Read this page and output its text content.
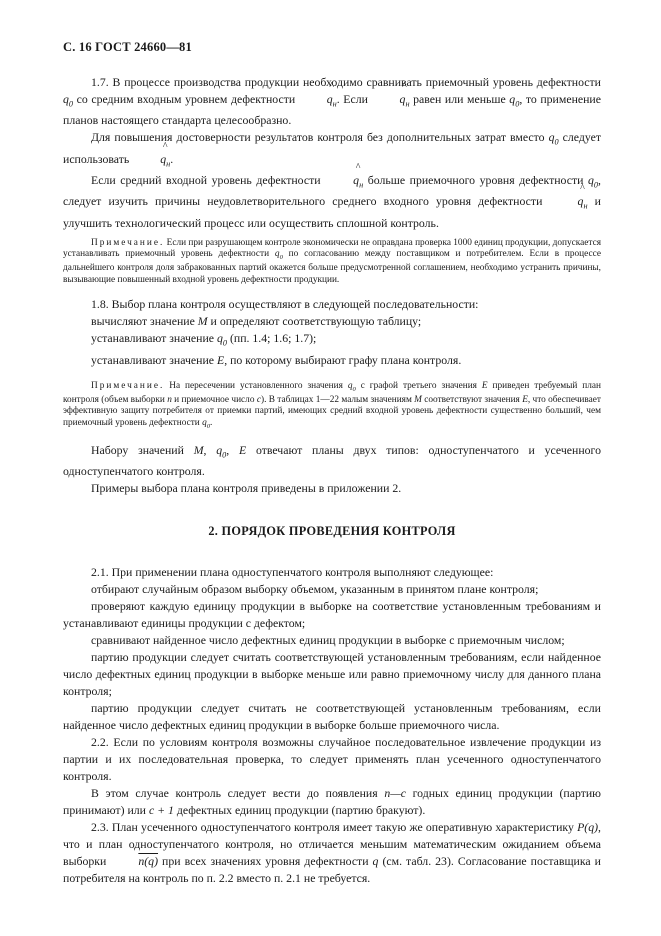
С. 16 ГОСТ 24660—81

1.7. В процессе производства продукции необходимо сравнивать приемочный уровень дефектности $q_0$ со средним входным уровнем дефектности ^ $q_н$. Если ^ $q_н$ равен или меньше $q_0$, то применение планов настоящего стандарта целесообразно.

Для повышения достоверности результатов контроля без дополнительных затрат вместо $q_0$ следует использовать ^ $q_н$.

Если средний входной уровень дефектности ^ $q_н$ больше приемочного уровня дефектности $q_0$, следует изучить причины неудовлетворительного среднего входного уровня дефектности ^ $q_н$ и улучшить технологический процесс или осуществить сплошной контроль.

Примечание. Если при разрушающем контроле экономически не оправдана проверка 1000 единиц продукции, допускается устанавливать приемочный уровень дефектности $q_0$ по согласованию между поставщиком и потребителем. Если в процессе дальнейшего контроля доля забракованных партий окажется больше предусмотренной соглашением, необходимо устранить причины, вызывающие повышенный входной уровень дефектности продукции.

1.8. Выбор плана контроля осуществляют в следующей последовательности:

вычисляют значение M и определяют соответствующую таблицу;

устанавливают значение $q_0$ (пп. 1.4; 1.6; 1.7);

устанавливают значение E, по которому выбирают графу плана контроля.

Примечание. На пересечении установленного значения $q_0$ с графой третьего значения E приведен требуемый план контроля (объем выборки n и приемочное число c). В таблицах 1—22 малым значениям M соответствуют значения E, что обеспечивает эффективную защиту потребителя от приемки партий, имеющих средний входной уровень дефектности существенно больший, чем приемочный уровень дефектности $q_0$.

Набору значений M, $q_0$, E отвечают планы двух типов: одноступенчатого и усеченного одноступенчатого контроля.

Примеры выбора плана контроля приведены в приложении 2.

2. ПОРЯДОК ПРОВЕДЕНИЯ КОНТРОЛЯ

2.1. При применении плана одноступенчатого контроля выполняют следующее:

отбирают случайным образом выборку объемом, указанным в принятом плане контроля;

проверяют каждую единицу продукции в выборке на соответствие установленным требованиям и устанавливают единицы продукции с дефектом;

сравнивают найденное число дефектных единиц продукции в выборке с приемочным числом;

партию продукции следует считать соответствующей установленным требованиям, если найденное число дефектных единиц продукции в выборке меньше или равно приемочному числу для данного плана контроля;

партию продукции следует считать не соответствующей установленным требованиям, если найденное число дефектных единиц продукции в выборке больше приемочного числа.

2.2. Если по условиям контроля возможны случайное последовательное извлечение продукции из партии и их последовательная проверка, то следует применять план усеченного одноступенчатого контроля.

В этом случае контроль следует вести до появления n—c годных единиц продукции (партию принимают) или c + 1 дефектных единиц продукции (партию бракуют).

2.3. План усеченного одноступенчатого контроля имеет такую же оперативную характеристику P(q), что и план одноступенчатого контроля, но отличается меньшим математическим ожиданием объема выборки n(q) при всех значениях уровня дефектности q (см. табл. 23). Согласование поставщика и потребителя на контроль по п. 2.2 вместо п. 2.1 не требуется.
